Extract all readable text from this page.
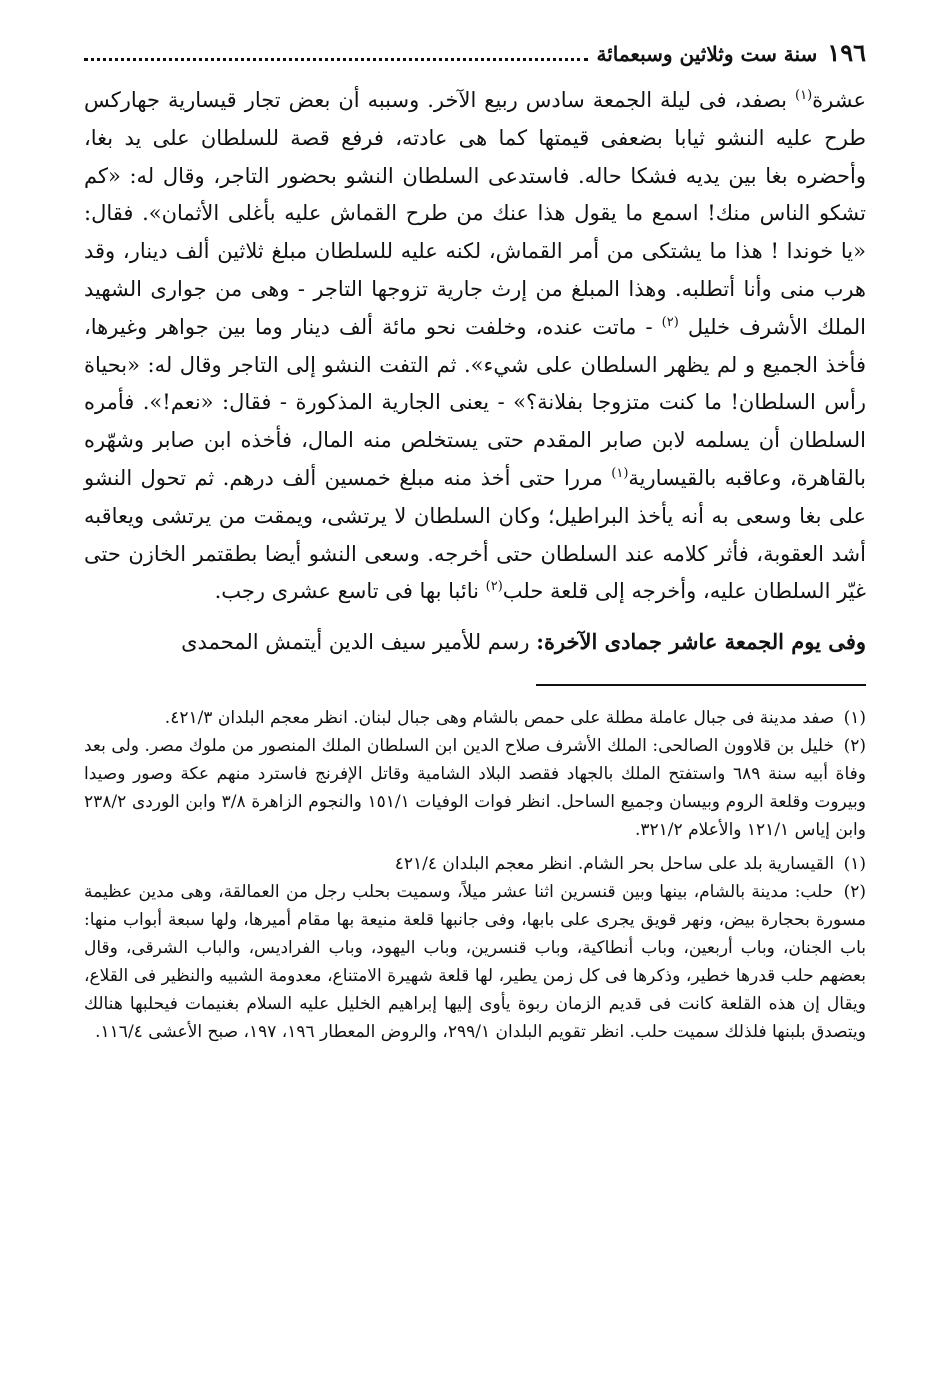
١٩٦
سنة ست وثلاثين وسبعمائة

عشرة$^{(١)}$ بصفد، فى ليلة الجمعة سادس ربيع الآخر. وسببه أن بعض تجار قيسارية جهاركس طرح عليه النشو ثيابا بضعفى قيمتها كما هى عادته، فرفع قصة للسلطان على يد بغا، وأحضره بغا بين يديه فشكا حاله. فاستدعى السلطان النشو بحضور التاجر، وقال له: «كم تشكو الناس منك! اسمع ما يقول هذا عنك من طرح القماش عليه بأغلى الأثمان». فقال: «يا خوندا ! هذا ما يشتكى من أمر القماش، لكنه عليه للسلطان مبلغ ثلاثين ألف دينار، وقد هرب منى وأنا أتطلبه. وهذا المبلغ من إرث جارية تزوجها التاجر - وهى من جوارى الشهيد الملك الأشرف خليل $^{(٢)}$ - ماتت عنده، وخلفت نحو مائة ألف دينار وما بين جواهر وغيرها، فأخذ الجميع و لم يظهر السلطان على شيء». ثم التفت النشو إلى التاجر وقال له: «بحياة رأس السلطان! ما كنت متزوجا بفلانة؟» - يعنى الجارية المذكورة - فقال: «نعم!». فأمره السلطان أن يسلمه لابن صابر المقدم حتى يستخلص منه المال، فأخذه ابن صابر وشهّره بالقاهرة، وعاقبه بالقيسارية$^{(١)}$ مررا حتى أخذ منه مبلغ خمسين ألف درهم. ثم تحول النشو على بغا وسعى به أنه يأخذ البراطيل؛ وكان السلطان لا يرتشى، ويمقت من يرتشى ويعاقبه أشد العقوبة، فأثر كلامه عند السلطان حتى أخرجه. وسعى النشو أيضا بطقتمر الخازن حتى غيّر السلطان عليه، وأخرجه إلى قلعة حلب$^{(٢)}$ نائبا بها فى تاسع عشرى رجب.

وفى يوم الجمعة عاشر جمادى الآخرة: رسم للأمير سيف الدين أيتمش المحمدى

(١) صفد مدينة فى جبال عاملة مطلة على حمص بالشام وهى جبال لبنان. انظر معجم البلدان ٤٢١/٣.

(٢) خليل بن قلاوون الصالحى: الملك الأشرف صلاح الدين ابن السلطان الملك المنصور من ملوك مصر. ولى بعد وفاة أبيه سنة ٦٨٩ واستفتح الملك بالجهاد فقصد البلاد الشامية وقاتل الإفرنج فاسترد منهم عكة وصور وصيدا وبيروت وقلعة الروم وبيسان وجميع الساحل. انظر فوات الوفيات ١٥١/١ والنجوم الزاهرة ٣/٨ وابن الوردى ٢٣٨/٢ وابن إياس ١٢١/١ والأعلام ٣٢١/٢.

(١) القيسارية بلد على ساحل بحر الشام. انظر معجم البلدان ٤٢١/٤

(٢) حلب: مدينة بالشام، بينها وبين قنسرين اثنا عشر ميلاً، وسميت بحلب رجل من العمالقة، وهى مدين عظيمة مسورة بحجارة بيض، ونهر قويق يجرى على بابها، وفى جانبها قلعة منيعة بها مقام أميرها، ولها سبعة أبواب منها: باب الجنان، وباب أربعين، وباب أنطاكية، وباب قنسرين، وباب اليهود، وباب الفراديس، والباب الشرقى، وقال بعضهم حلب قدرها خطير، وذكرها فى كل زمن يطير، لها قلعة شهيرة الامتناع، معدومة الشبيه والنظير فى القلاع، ويقال إن هذه القلعة كانت فى قديم الزمان ربوة يأوى إليها إبراهيم الخليل عليه السلام بغنيمات فيحلبها هنالك ويتصدق بلبنها فلذلك سميت حلب. انظر تقويم البلدان ٢٩٩/١، والروض المعطار ١٩٦، ١٩٧، صبح الأعشى ١١٦/٤.
